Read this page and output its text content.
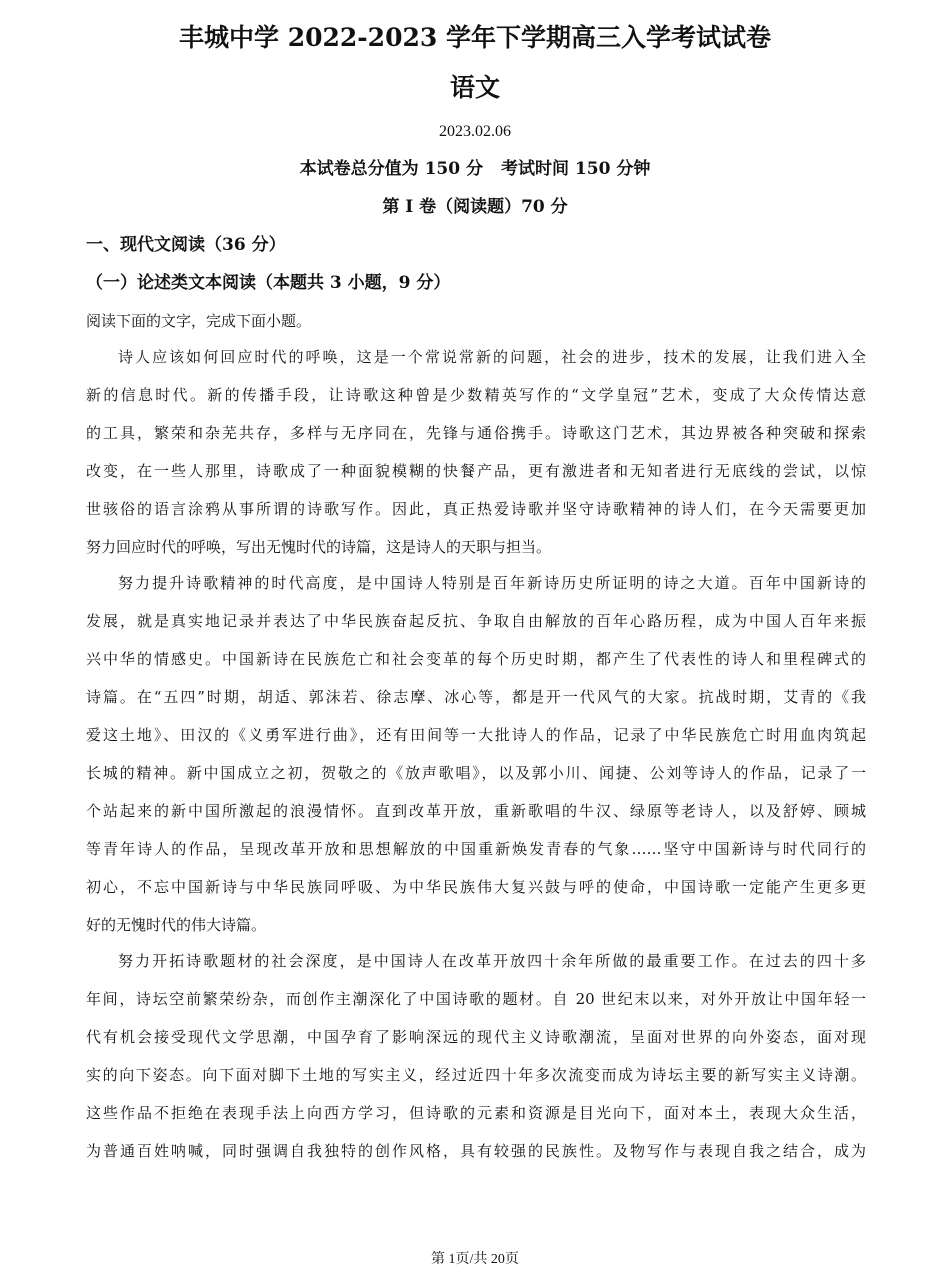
丰城中学 2022-2023 学年下学期高三入学考试试卷
语文
2023.02.06
本试卷总分值为 150 分 考试时间 150 分钟
第 I 卷（阅读题）70 分
一、现代文阅读（36 分）
（一）论述类文本阅读（本题共 3 小题，9 分）
阅读下面的文字，完成下面小题。
诗人应该如何回应时代的呼唤，这是一个常说常新的问题，社会的进步，技术的发展，让我们进入全
新的信息时代。新的传播手段，让诗歌这种曾是少数精英写作的“文学皇冠”艺术，变成了大众传情达意
的工具，繁荣和杂芜共存，多样与无序同在，先锋与通俗携手。诗歌这门艺术，其边界被各种突破和探索
改变，在一些人那里，诗歌成了一种面貌模糊的快餐产品，更有激进者和无知者进行无底线的尝试，以惊
世骇俗的语言涂鸦从事所谓的诗歌写作。因此，真正热爱诗歌并坚守诗歌精神的诗人们，在今天需要更加
努力回应时代的呼唤，写出无愧时代的诗篇，这是诗人的天职与担当。
努力提升诗歌精神的时代高度，是中国诗人特别是百年新诗历史所证明的诗之大道。百年中国新诗的
发展，就是真实地记录并表达了中华民族奋起反抗、争取自由解放的百年心路历程，成为中国人百年来振
兴中华的情感史。中国新诗在民族危亡和社会变革的每个历史时期，都产生了代表性的诗人和里程碑式的
诗篇。在“五四”时期，胡适、郭沫若、徐志摩、冰心等，都是开一代风气的大家。抗战时期，艾青的《我
爱这土地》、田汉的《义勇军进行曲》，还有田间等一大批诗人的作品，记录了中华民族危亡时用血肉筑起
长城的精神。新中国成立之初，贺敬之的《放声歌唱》，以及郭小川、闻捷、公刘等诗人的作品，记录了一
个站起来的新中国所激起的浪漫情怀。直到改革开放，重新歌唱的牛汉、绿原等老诗人，以及舒婷、顾城
等青年诗人的作品，呈现改革开放和思想解放的中国重新焕发青春的气象……坚守中国新诗与时代同行的
初心，不忘中国新诗与中华民族同呼吸、为中华民族伟大复兴鼓与呼的使命，中国诗歌一定能产生更多更
好的无愧时代的伟大诗篇。
努力开拓诗歌题材的社会深度，是中国诗人在改革开放四十余年所做的最重要工作。在过去的四十多
年间，诗坛空前繁荣纷杂，而创作主潮深化了中国诗歌的题材。自 20 世纪末以来，对外开放让中国年轻一
代有机会接受现代文学思潮，中国孕育了影响深远的现代主义诗歌潮流，呈面对世界的向外姿态，面对现
实的向下姿态。向下面对脚下土地的写实主义，经过近四十年多次流变而成为诗坛主要的新写实主义诗潮。
这些作品不拒绝在表现手法上向西方学习，但诗歌的元素和资源是目光向下，面对本土，表现大众生活，
为普通百姓呐喊，同时强调自我独特的创作风格，具有较强的民族性。及物写作与表现自我之结合，成为
第 1页/共 20页
